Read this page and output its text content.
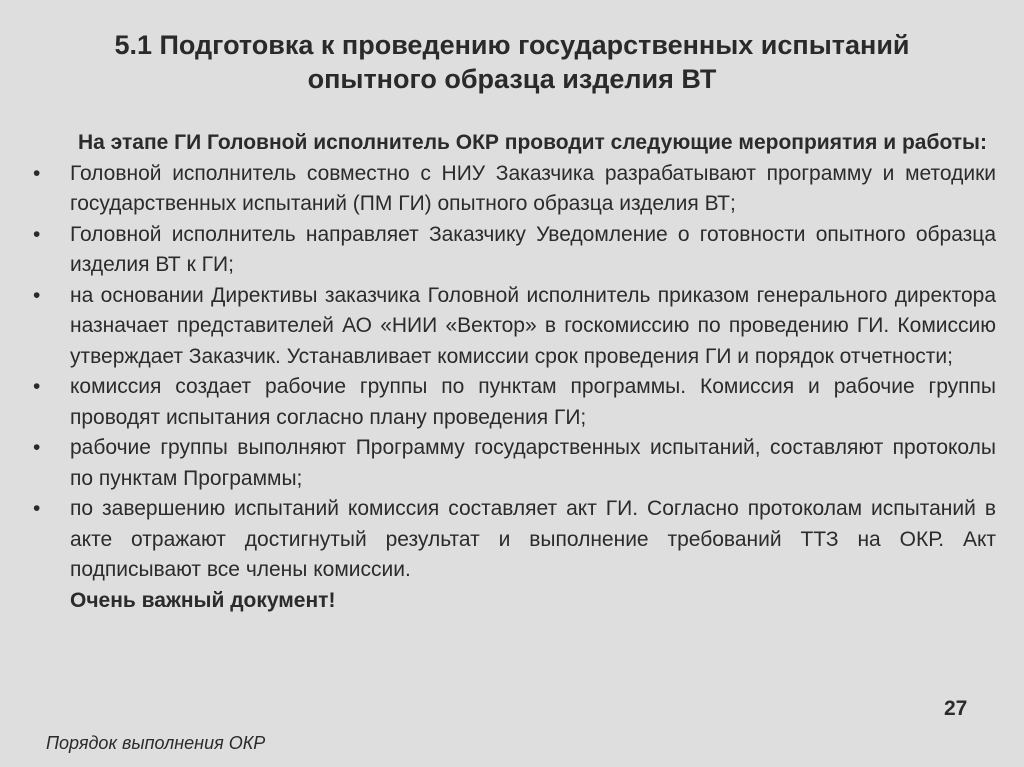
5.1 Подготовка к проведению государственных испытаний опытного образца изделия ВТ

На этапе ГИ Головной исполнитель ОКР проводит следующие мероприятия и работы:

• Головной исполнитель совместно с НИУ Заказчика разрабатывают программу и методики государственных испытаний (ПМ ГИ) опытного образца изделия ВТ;
• Головной исполнитель направляет Заказчику Уведомление о готовности опытного образца изделия ВТ к ГИ;
• на основании Директивы заказчика Головной исполнитель приказом генерального директора назначает представителей АО «НИИ «Вектор» в госкомиссию по проведению ГИ. Комиссию утверждает Заказчик. Устанавливает комиссии срок проведения ГИ и порядок отчетности;
• комиссия создает рабочие группы по пунктам программы. Комиссия и рабочие группы проводят испытания согласно плану проведения ГИ;
• рабочие группы выполняют Программу государственных испытаний, составляют протоколы по пунктам Программы;
• по завершению испытаний комиссия составляет акт ГИ. Согласно протоколам испытаний в акте отражают достигнутый результат и выполнение требований ТТЗ на ОКР. Акт подписывают все члены комиссии.
Очень важный документ!
27
Порядок выполнения ОКР
